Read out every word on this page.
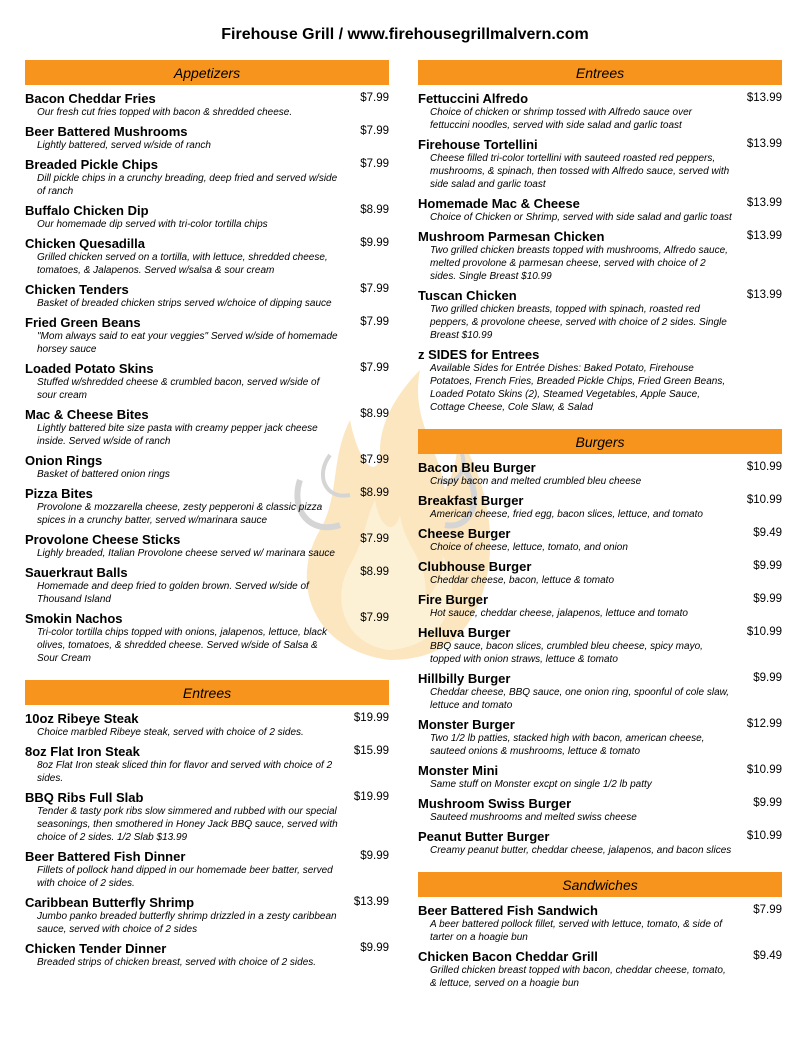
Firehouse Grill / www.firehousegrillmalvern.com
Appetizers
Bacon Cheddar Fries	$7.99
Our fresh cut fries topped with bacon & shredded cheese.
Beer Battered Mushrooms	$7.99
Lightly battered, served w/side of ranch
Breaded Pickle Chips	$7.99
Dill pickle chips in a crunchy breading, deep fried and served w/side of ranch
Buffalo Chicken Dip	$8.99
Our homemade dip served with tri-color tortilla chips
Chicken Quesadilla	$9.99
Grilled chicken served on a tortilla, with lettuce, shredded cheese, tomatoes, & Jalapenos. Served w/salsa & sour cream
Chicken Tenders	$7.99
Basket of breaded chicken strips served w/choice of dipping sauce
Fried Green Beans	$7.99
"Mom always said to eat your veggies" Served w/side of homemade horsey sauce
Loaded Potato Skins	$7.99
Stuffed w/shredded cheese & crumbled bacon, served w/side of sour cream
Mac & Cheese Bites	$8.99
Lightly battered bite size pasta with creamy pepper jack cheese inside. Served w/side of ranch
Onion Rings	$7.99
Basket of battered onion rings
Pizza Bites	$8.99
Provolone & mozzarella cheese, zesty pepperoni & classic pizza spices in a crunchy batter, served w/marinara sauce
Provolone Cheese Sticks	$7.99
Lighly breaded, Italian Provolone cheese served w/ marinara sauce
Sauerkraut Balls	$8.99
Homemade and deep fried to golden brown. Served w/side of Thousand Island
Smokin Nachos	$7.99
Tri-color tortilla chips topped with onions, jalapenos, lettuce, black olives, tomatoes, & shredded cheese. Served w/side of Salsa & Sour Cream
Entrees
10oz Ribeye Steak	$19.99
Choice marbled Ribeye steak, served with choice of 2 sides.
8oz Flat Iron Steak	$15.99
8oz Flat Iron steak sliced thin for flavor and served with choice of 2 sides.
BBQ Ribs Full Slab	$19.99
Tender & tasty pork ribs slow simmered and rubbed with our special seasonings, then smothered in Honey Jack BBQ sauce, served with choice of 2 sides. 1/2 Slab $13.99
Beer Battered Fish Dinner	$9.99
Fillets of pollock hand dipped in our homemade beer batter, served with choice of 2 sides.
Caribbean Butterfly Shrimp	$13.99
Jumbo panko breaded butterfly shrimp drizzled in a zesty caribbean sauce, served with choice of 2 sides
Chicken Tender Dinner	$9.99
Breaded strips of chicken breast, served with choice of 2 sides.
Entrees
Fettuccini Alfredo	$13.99
Choice of chicken or shrimp tossed with Alfredo sauce over fettuccini noodles, served with side salad and garlic toast
Firehouse Tortellini	$13.99
Cheese filled tri-color tortellini with sauteed roasted red peppers, mushrooms, & spinach, then tossed with Alfredo sauce, served with side salad and garlic toast
Homemade Mac & Cheese	$13.99
Choice of Chicken or Shrimp, served with side salad and garlic toast
Mushroom Parmesan Chicken	$13.99
Two grilled chicken breasts topped with mushrooms, Alfredo sauce, melted provolone & parmesan cheese, served with choice of 2 sides. Single Breast $10.99
Tuscan Chicken	$13.99
Two grilled chicken breasts, topped with spinach, roasted red peppers, & provolone cheese, served with choice of 2 sides. Single Breast $10.99
z SIDES for Entrees
Available Sides for Entrée Dishes: Baked Potato, Firehouse Potatoes, French Fries, Breaded Pickle Chips, Fried Green Beans, Loaded Potato Skins (2), Steamed Vegetables, Apple Sauce, Cottage Cheese, Cole Slaw, & Salad
Burgers
Bacon Bleu Burger	$10.99
Crispy bacon and melted crumbled bleu cheese
Breakfast Burger	$10.99
American cheese, fried egg, bacon slices, lettuce, and tomato
Cheese Burger	$9.49
Choice of cheese, lettuce, tomato, and onion
Clubhouse Burger	$9.99
Cheddar cheese, bacon, lettuce & tomato
Fire Burger	$9.99
Hot sauce, cheddar cheese, jalapenos, lettuce and tomato
Helluva Burger	$10.99
BBQ sauce, bacon slices, crumbled bleu cheese, spicy mayo, topped with onion straws, lettuce & tomato
Hillbilly Burger	$9.99
Cheddar cheese, BBQ sauce, one onion ring, spoonful of cole slaw, lettuce and tomato
Monster Burger	$12.99
Two 1/2 lb patties, stacked high with bacon, american cheese, sauteed onions & mushrooms, lettuce & tomato
Monster Mini	$10.99
Same stuff on Monster excpt on single 1/2 lb patty
Mushroom Swiss Burger	$9.99
Sauteed mushrooms and melted swiss cheese
Peanut Butter Burger	$10.99
Creamy peanut butter, cheddar cheese, jalapenos, and bacon slices
Sandwiches
Beer Battered Fish Sandwich	$7.99
A beer battered pollock fillet, served with lettuce, tomato, & side of tarter on a hoagie bun
Chicken Bacon Cheddar Grill	$9.49
Grilled chicken breast topped with bacon, cheddar cheese, tomato, & lettuce, served on a hoagie bun
